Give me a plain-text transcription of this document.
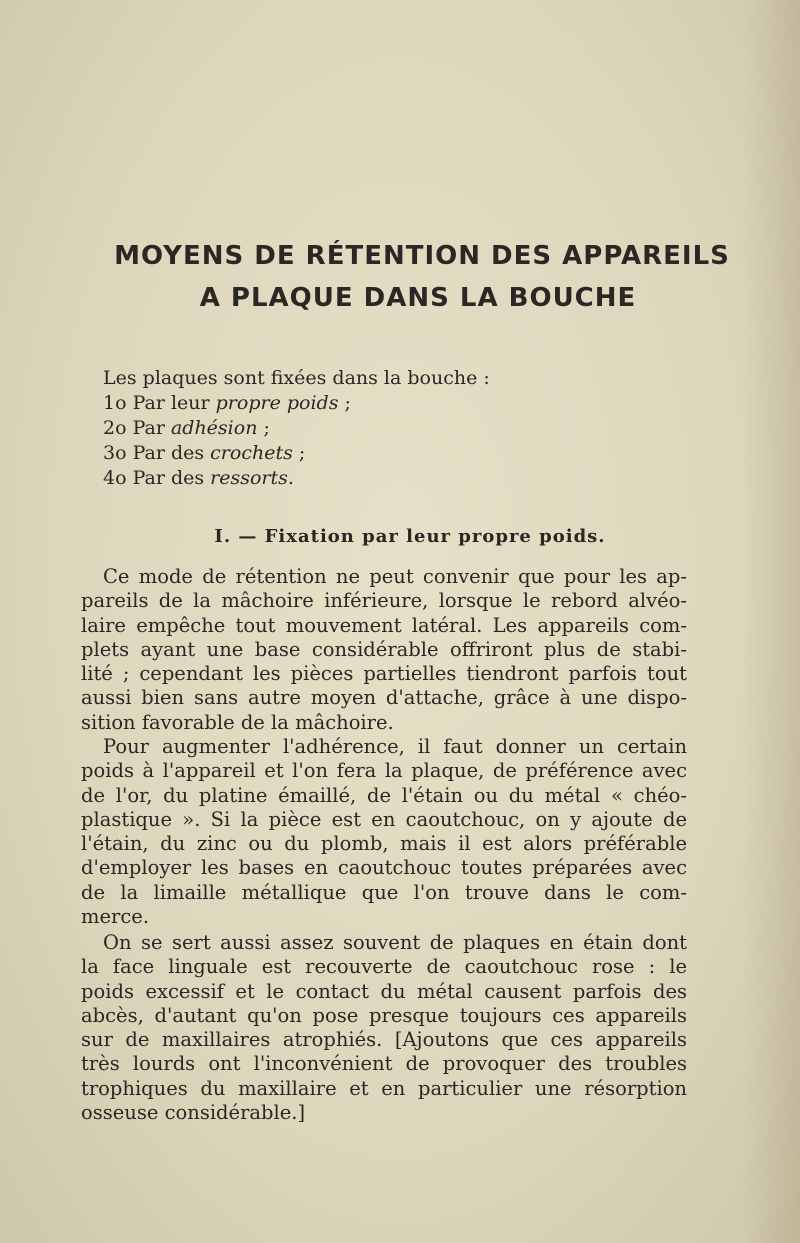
MOYENS DE RÉTENTION DES APPAREILS
A PLAQUE DANS LA BOUCHE
Les plaques sont fixées dans la bouche :
1o Par leur propre poids ;
2o Par adhésion ;
3o Par des crochets ;
4o Par des ressorts.
I. — Fixation par leur propre poids.
Ce mode de rétention ne peut convenir que pour les ap-
pareils de la mâchoire inférieure, lorsque le rebord alvéo-
laire empêche tout mouvement latéral. Les appareils com-
plets ayant une base considérable offriront plus de stabi-
lité ; cependant les pièces partielles tiendront parfois tout
aussi bien sans autre moyen d'attache, grâce à une dispo-
sition favorable de la mâchoire.
Pour augmenter l'adhérence, il faut donner un certain
poids à l'appareil et l'on fera la plaque, de préférence avec
de l'or, du platine émaillé, de l'étain ou du métal « chéo-
plastique ». Si la pièce est en caoutchouc, on y ajoute de
l'étain, du zinc ou du plomb, mais il est alors préférable
d'employer les bases en caoutchouc toutes préparées avec
de la limaille métallique que l'on trouve dans le com-
merce.
On se sert aussi assez souvent de plaques en étain dont
la face linguale est recouverte de caoutchouc rose : le
poids excessif et le contact du métal causent parfois des
abcès, d'autant qu'on pose presque toujours ces appareils
sur de maxillaires atrophiés. [Ajoutons que ces appareils
très lourds ont l'inconvénient de provoquer des troubles
trophiques du maxillaire et en particulier une résorption
osseuse considérable.]
